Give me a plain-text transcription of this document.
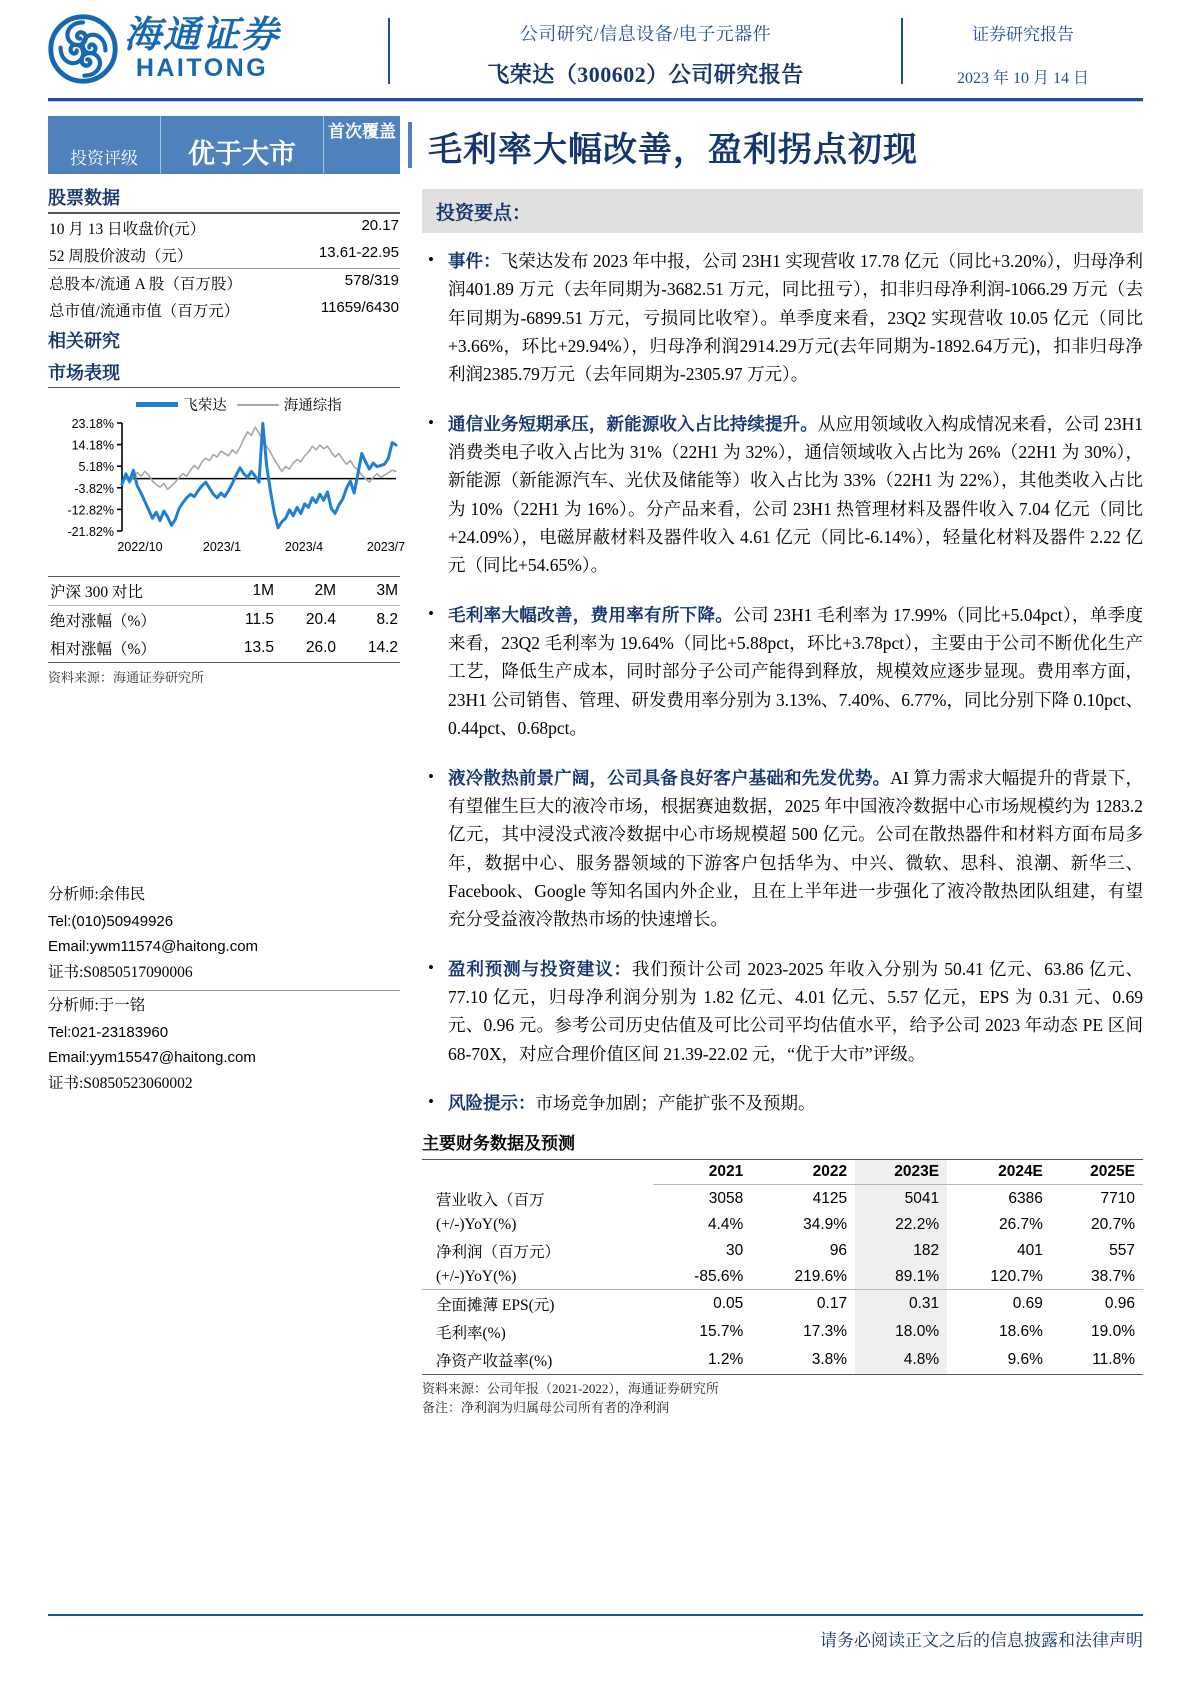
海通证券
HAITONG
公司研究/信息设备/电子元器件
飞荣达（300602）公司研究报告
证券研究报告
2023 年 10 月 14 日
投资评级	优于大市
首次覆盖
股票数据
10 月 13 日收盘价(元）	20.17
52 周股价波动（元）	13.61-22.95
总股本/流通 A 股（百万股）	578/319
总市值/流通市值（百万元）	11659/6430
相关研究
市场表现
飞荣达	海通综指
23.18%
14.18%
5.18%
-3.82%
-12.82%
-21.82%
2022/10	2023/1	2023/4	2023/7
沪深 300 对比	1M	2M	3M
绝对涨幅（%）	11.5	20.4	8.2
相对涨幅（%）	13.5	26.0	14.2
资料来源：海通证券研究所
分析师:余伟民
Tel:(010)50949926
Email:ywm11574@haitong.com
证书:S0850517090006
分析师:于一铭
Tel:021-23183960
Email:yym15547@haitong.com
证书:S0850523060002
毛利率大幅改善，盈利拐点初现
投资要点：
• 事件：飞荣达发布 2023 年中报，公司 23H1 实现营收 17.78 亿元（同比+3.20%），归母净利润401.89 万元（去年同期为-3682.51 万元，同比扭亏），扣非归母净利润-1066.29 万元（去年同期为-6899.51 万元，亏损同比收窄）。单季度来看，23Q2 实现营收 10.05 亿元（同比+3.66%，环比+29.94%），归母净利润2914.29万元(去年同期为-1892.64万元)，扣非归母净利润2385.79万元（去年同期为-2305.97 万元）。
• 通信业务短期承压，新能源收入占比持续提升。从应用领域收入构成情况来看，公司 23H1 消费类电子收入占比为 31%（22H1 为 32%），通信领域收入占比为 26%（22H1 为 30%），新能源（新能源汽车、光伏及储能等）收入占比为 33%（22H1 为 22%），其他类收入占比为 10%（22H1 为 16%）。分产品来看，公司 23H1 热管理材料及器件收入 7.04 亿元（同比+24.09%），电磁屏蔽材料及器件收入 4.61 亿元（同比-6.14%），轻量化材料及器件 2.22 亿元（同比+54.65%）。
• 毛利率大幅改善，费用率有所下降。公司 23H1 毛利率为 17.99%（同比+5.04pct），单季度来看，23Q2 毛利率为 19.64%（同比+5.88pct，环比+3.78pct），主要由于公司不断优化生产工艺，降低生产成本，同时部分子公司产能得到释放，规模效应逐步显现。费用率方面，23H1 公司销售、管理、研发费用率分别为 3.13%、7.40%、6.77%，同比分别下降 0.10pct、0.44pct、0.68pct。
• 液冷散热前景广阔，公司具备良好客户基础和先发优势。AI 算力需求大幅提升的背景下，有望催生巨大的液冷市场，根据赛迪数据，2025 年中国液冷数据中心市场规模约为 1283.2 亿元，其中浸没式液冷数据中心市场规模超 500 亿元。公司在散热器件和材料方面布局多年，数据中心、服务器领域的下游客户包括华为、中兴、微软、思科、浪潮、新华三、Facebook、Google 等知名国内外企业，且在上半年进一步强化了液冷散热团队组建，有望充分受益液冷散热市场的快速增长。
• 盈利预测与投资建议：我们预计公司 2023-2025 年收入分别为 50.41 亿元、63.86 亿元、77.10 亿元，归母净利润分别为 1.82 亿元、4.01 亿元、5.57 亿元，EPS 为 0.31 元、0.69 元、0.96 元。参考公司历史估值及可比公司平均估值水平，给予公司 2023 年动态 PE 区间 68-70X，对应合理价值区间 21.39-22.02 元，“优于大市”评级。
• 风险提示：市场竞争加剧；产能扩张不及预期。
主要财务数据及预测
	2021	2022	2023E	2024E	2025E
营业收入（百万	3058	4125	5041	6386	7710
(+/-)YoY(%)	4.4%	34.9%	22.2%	26.7%	20.7%
净利润（百万元）	30	96	182	401	557
(+/-)YoY(%)	-85.6%	219.6%	89.1%	120.7%	38.7%
全面摊薄 EPS(元)	0.05	0.17	0.31	0.69	0.96
毛利率(%)	15.7%	17.3%	18.0%	18.6%	19.0%
净资产收益率(%)	1.2%	3.8%	4.8%	9.6%	11.8%
资料来源：公司年报（2021-2022），海通证券研究所
备注：净利润为归属母公司所有者的净利润
请务必阅读正文之后的信息披露和法律声明
